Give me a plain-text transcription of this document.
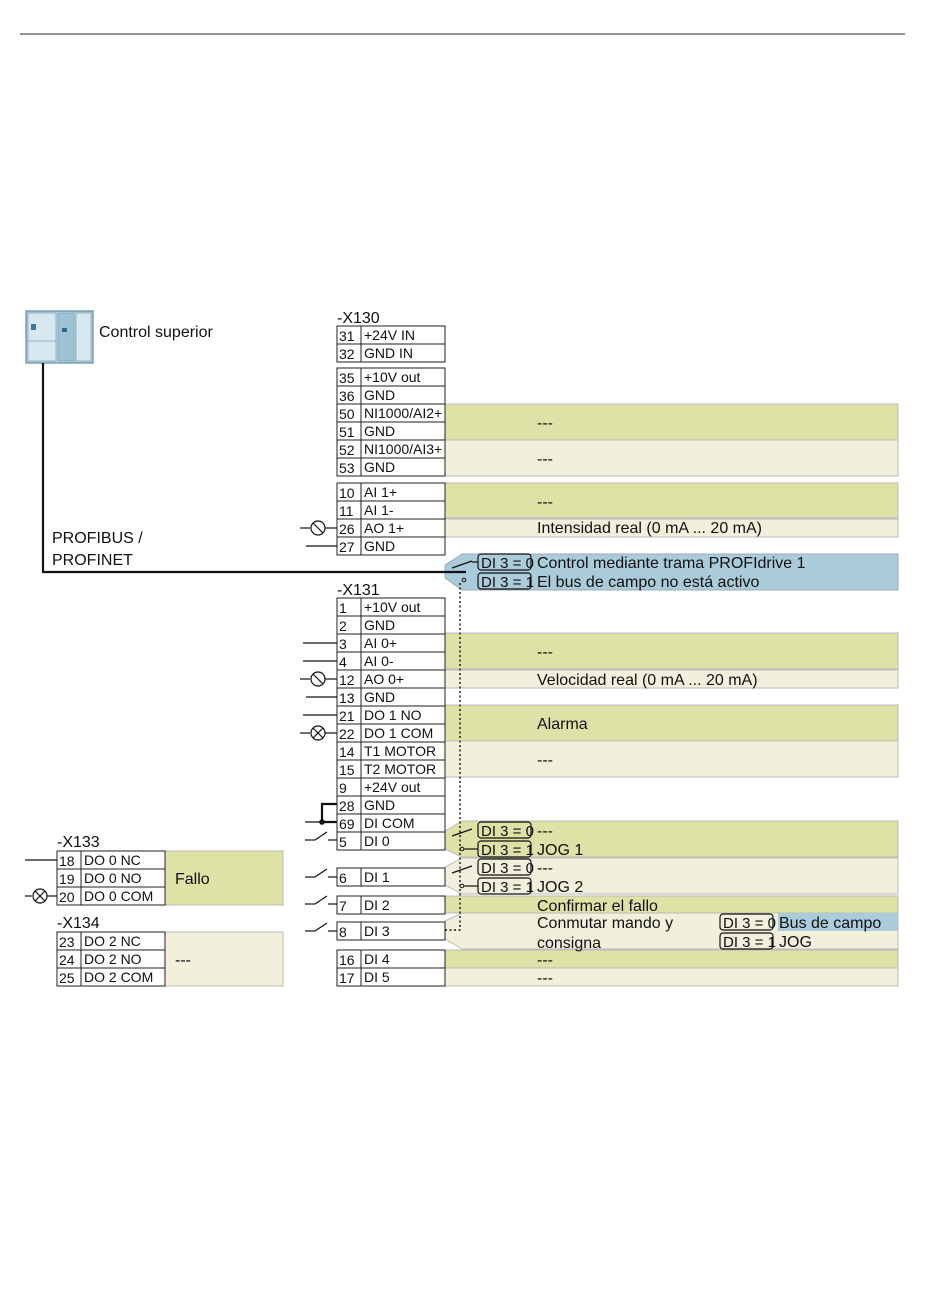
---
---
---
Intensidad real (0 mA ... 20 mA)
Fallo
---
Control superior
PROFIBUS /
PROFINET
31 +24V IN
32 GND IN
35 +10V out
36 GND
50 NI1000/AI2+
51 GND
52 NI1000/AI3+
53 GND
10 AI 1+
11 AI 1-
26 AO 1+
27 GND
1 +10V out
2 GND
3 AI 0+
4 AI 0-
12 AO 0+
13 GND
21 DO 1 NO
22 DO 1 COM
14 T1 MOTOR
15 T2 MOTOR
9 +24V out
28 GND
69 DI COM
5 DI 0
6 DI 1
7 DI 2
8 DI 3
16 DI 4
17 DI 5
18 DO 0 NC
19 DO 0 NO
20 DO 0 COM
23 DO 2 NC
24 DO 2 NO
25 DO 2 COM
-X130
-X131
-X133
-X134
DI 3 = 0
DI 3 = 1
Control mediante trama PROFIdrive 1
El bus de campo no está activo
---
Velocidad real (0 mA ... 20 mA)
Alarma
---
DI 3 = 0
DI 3 = 1
---
JOG 1
DI 3 = 0
DI 3 = 1
---
JOG 2
Confirmar el fallo
Conmutar mando y
consigna
DI 3 = 0
DI 3 = 1
Bus de campo
JOG
---
---
